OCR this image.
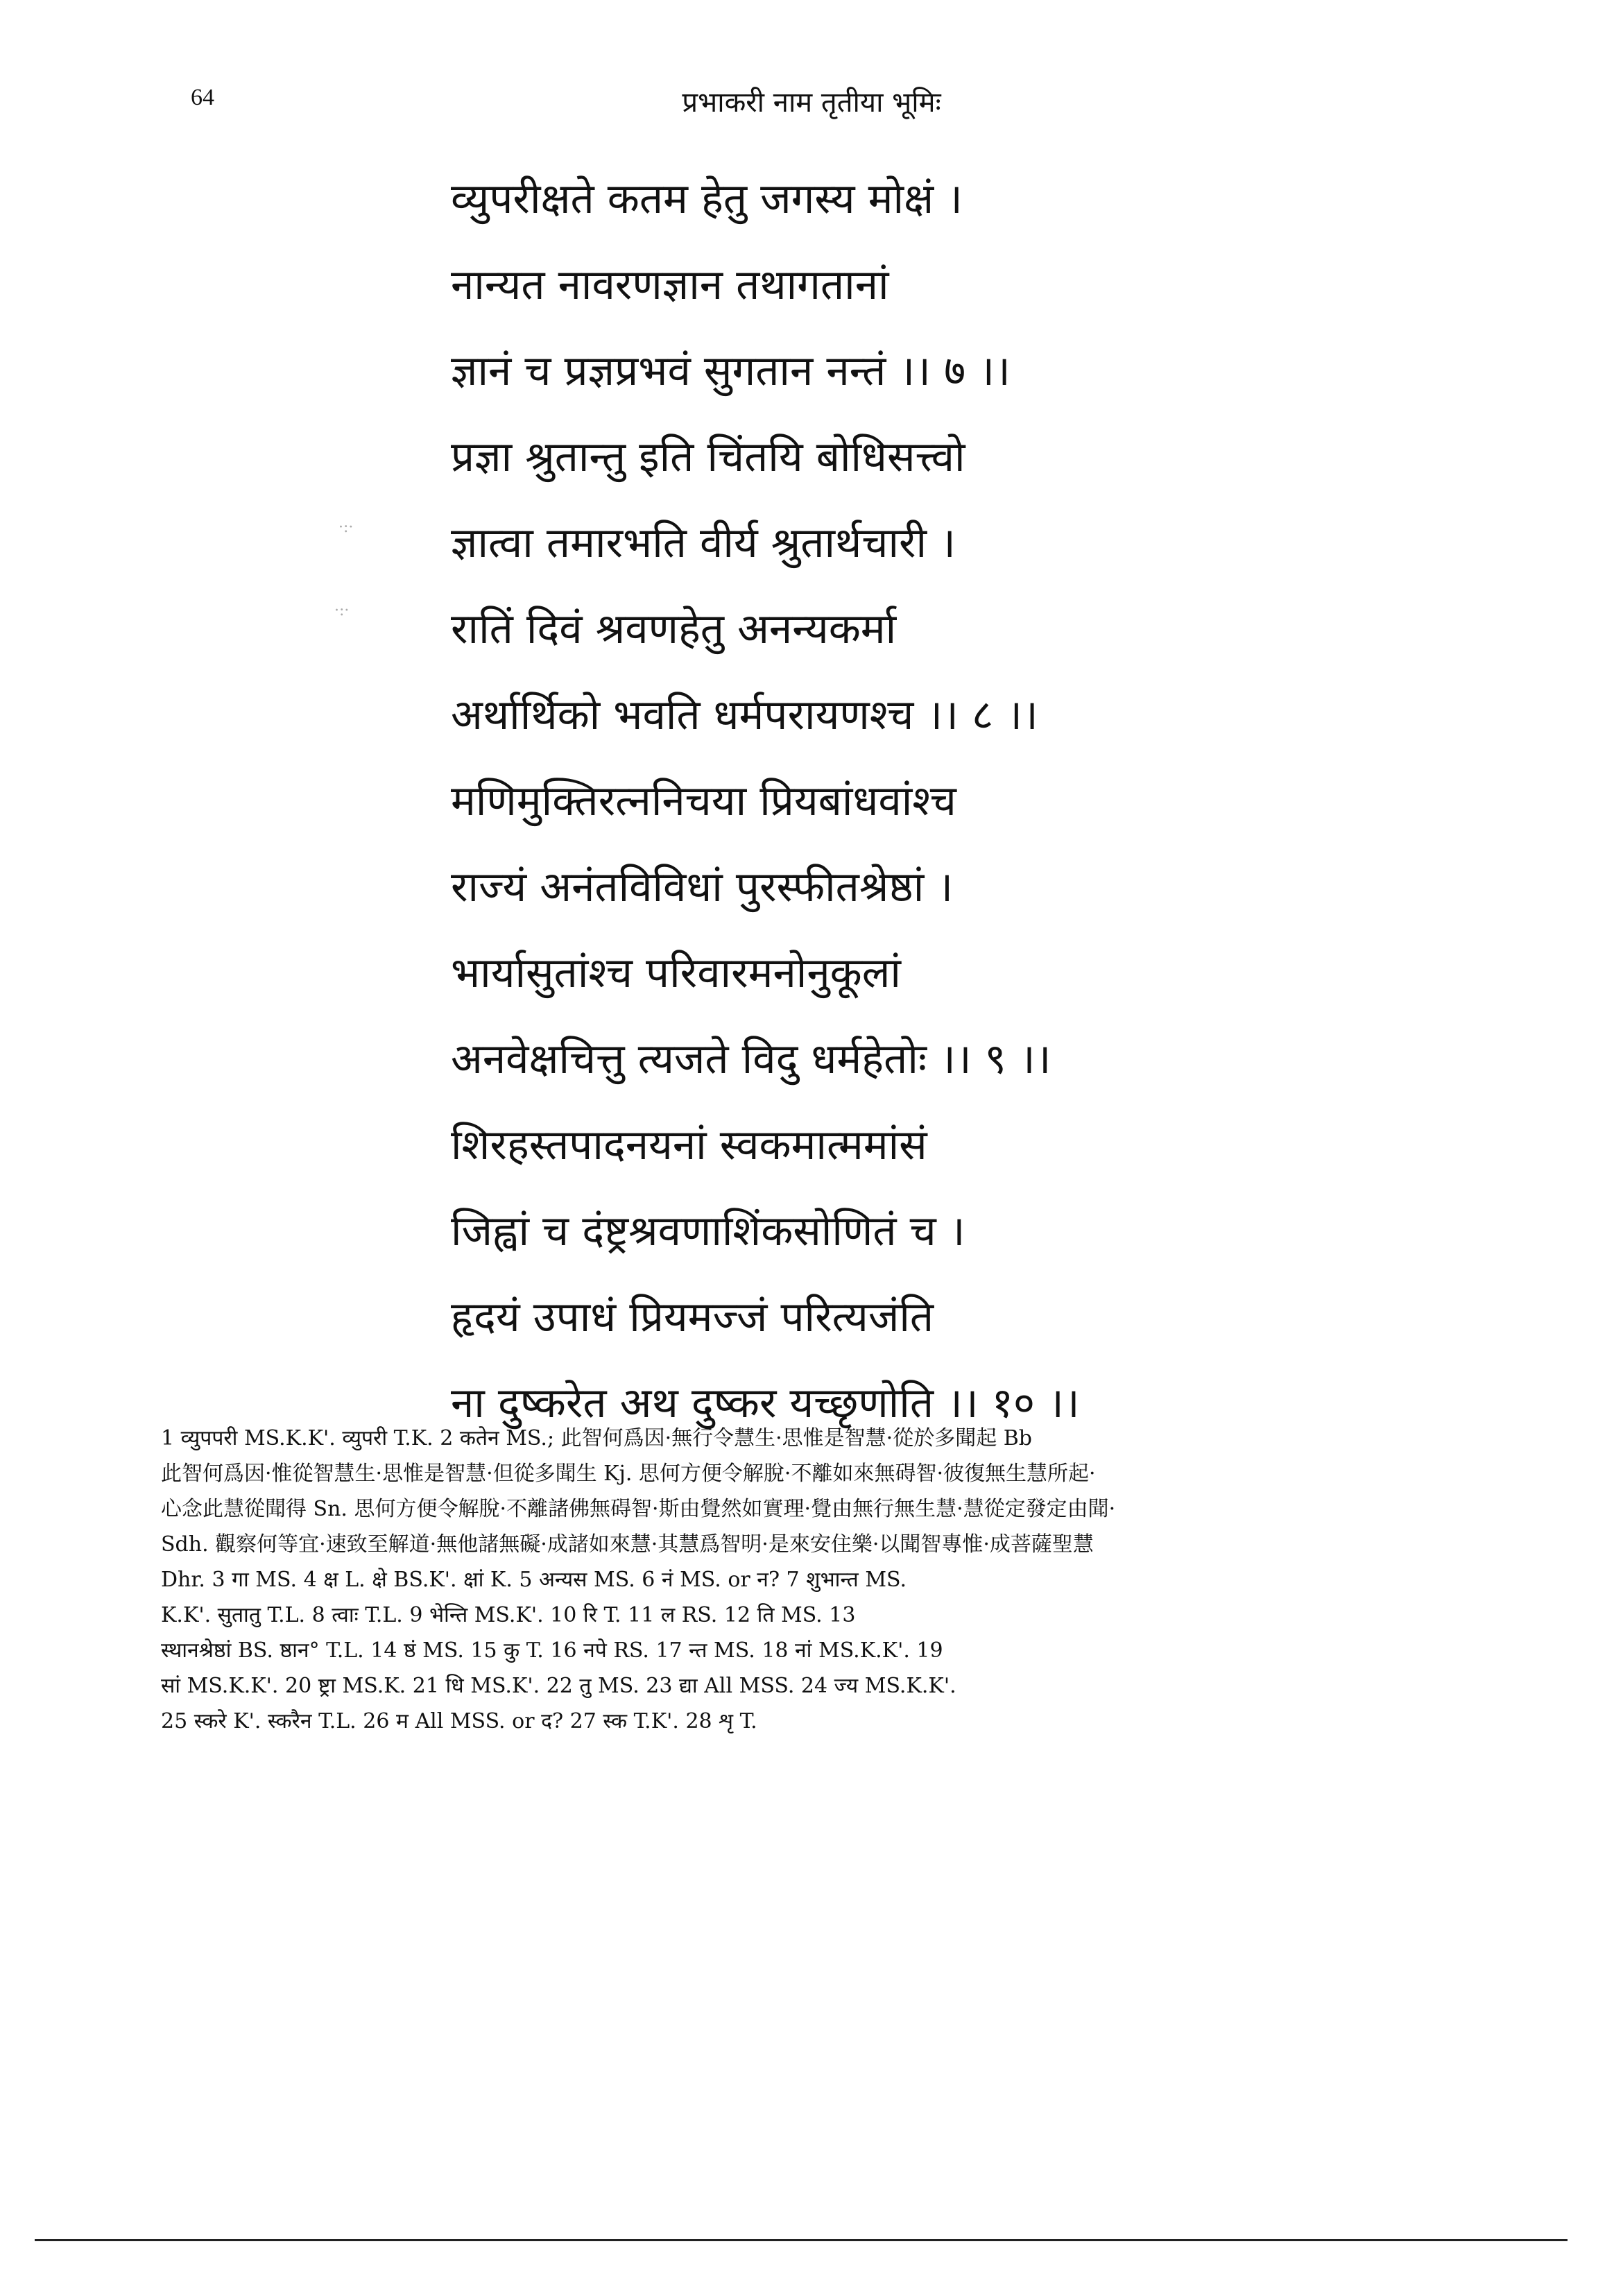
64	प्रभाकरी नाम तृतीया भूमिः
·:·
·:·
व्युपरीक्षते कतम हेतु जगस्य मोक्षं ।
नान्यत नावरणज्ञान तथागतानां
ज्ञानं च प्रज्ञप्रभवं सुगतान नन्तं ।। ७ ।।
प्रज्ञा श्रुतान्तु इति चिंतयि बोधिसत्त्वो
ज्ञात्वा तमारभति वीर्य श्रुतार्थचारी ।
रातिं दिवं श्रवणहेतु अनन्यकर्मा
अर्थार्थिको भवति धर्मपरायणश्च ।। ८ ।।
मणिमुक्तिरत्ननिचया प्रियबांधवांश्च
राज्यं अनंतविविधां पुरस्फीतश्रेष्ठां ।
भार्यासुतांश्च परिवारमनोनुकूलां
अनवेक्षचित्तु त्यजते विदु धर्महेतोः ।। ९ ।।
शिरहस्तपादनयनां स्वकमात्ममांसं
जिह्वां च दंष्ट्रश्रवणाशिंकसोणितं च ।
हृदयं उपाधं प्रियमज्जं परित्यजंति
ना दुष्करेत अथ दुष्कर यच्छृणोति ।। १० ।।
1 व्युपपरी MS.K.K'. व्युपरी T.K. 2 कतेन MS.; 此智何爲因·無行令慧生·思惟是智慧·從於多聞起 Bb
此智何爲因·惟從智慧生·思惟是智慧·但從多聞生 Kj. 思何方便令解脫·不離如來無碍智·彼復無生慧所起·
心念此慧從聞得 Sn. 思何方便令解脫·不離諸佛無碍智·斯由覺然如實理·覺由無行無生慧·慧從定發定由聞·
Sdh. 觀察何等宜·速致至解道·無他諸無礙·成諸如來慧·其慧爲智明·是來安住樂·以聞智專惟·成菩薩聖慧
Dhr. 3 गा MS. 4 क्ष L. क्षे BS.K'. क्षां K. 5 अन्यस MS. 6 नं MS. or न? 7 शुभान्त MS.
K.K'. सुतातु T.L. 8 त्वाः T.L. 9 भेन्ति MS.K'. 10 रि T. 11 ल RS. 12 ति MS. 13
स्थानश्रेष्ठां BS. ष्ठान° T.L. 14 ष्ठं MS. 15 कु T. 16 नपे RS. 17 न्त MS. 18 नां MS.K.K'. 19
सां MS.K.K'. 20 ष्ट्रा MS.K. 21 धि MS.K'. 22 तु MS. 23 द्या All MSS. 24 ज्य MS.K.K'.
25 स्करे K'. स्करैन T.L. 26 म All MSS. or द? 27 स्क T.K'. 28 शृ T.
